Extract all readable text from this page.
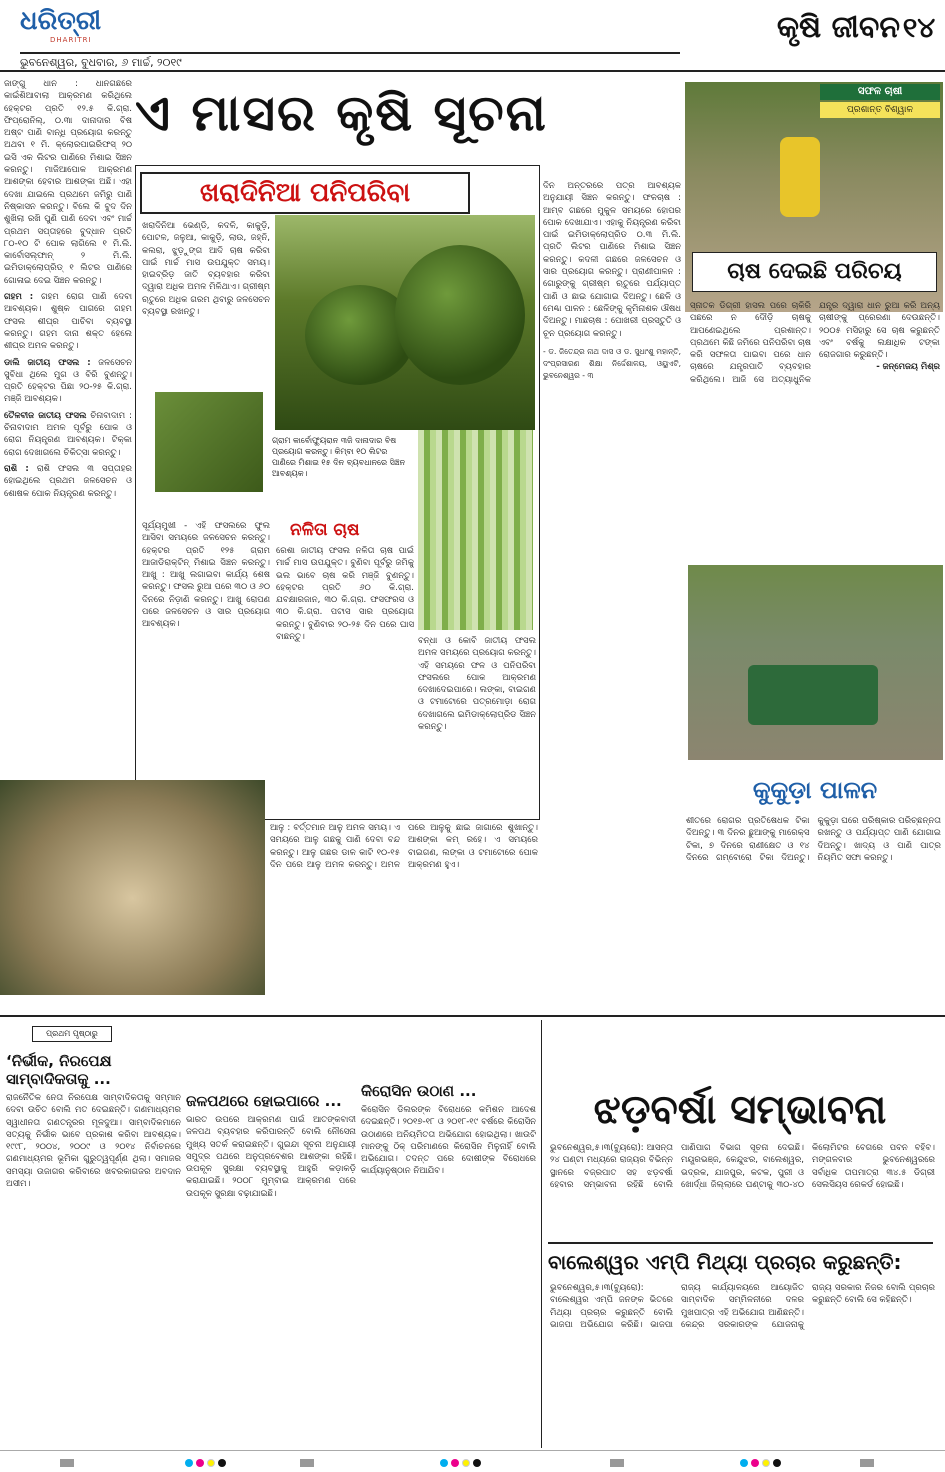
ଧରିତ୍ରୀ
DHARITRI	କୃଷି ଜୀବନ ୧୪
ଭୁବନେଶ୍ୱର, ବୁଧବାର, ୬ ମାର୍ଚ୍ଚ, ୨୦୧୯
ଏ ମାସର କୃଷି ସୂଚନା

ଜାଙ୍ଗୁ ଧାନ : ଧାନଗଛରେ କାଇଁଶିଆବାଲା ଆକ୍ରମଣ କରିଥିଲେ ହେକ୍ଟର ପ୍ରତି ୧୨.୫ କି.ଗ୍ରା. ଫିପ୍ରୋନିଲ୍, ୦.୩ା ଦାନାଦାର ବିଷ ଅଷ୍ଟ ପାଣି ବାନ୍ଧି ପ୍ରୟୋଗ କରନ୍ତୁ ଅଥବା ୧ ମି. କ୍ଲୋରପାଇରିଫସ୍ ୨୦ ଇସି ଏକ ଲିଟର ପାଣିରେ ମିଶାଇ ସିଞ୍ଚନ କରନ୍ତୁ। ମାଜିଆପୋକ ଆକ୍ରମଣ ଆଶଙ୍କା ହେବାର ଆଶଙ୍କା ଅଛି। ଏହା ଦେଖା ଯାଇଲେ ପ୍ରଥମେ ଜମିରୁ ପାଣି ନିଷ୍କାସନ କରନ୍ତୁ। ବିଲେ କି ବୁଦ ଦିନ ଶୁଖିଲା ରଖି ପୁଣି ପାଣି ଦେବା ଏବଂ ମାର୍ଚ୍ଚ ପ୍ରଥମ ସପ୍ତାହରେ ବୁଦ୍ଧାନ ପ୍ରତି ୮୦-୧୦ ଟି ପୋକ ଲାଗିଲେ ୧ ମି.ଲି. କାର୍ବୋସଲ୍ଫାନ୍ ୨ ମି.ଲି. ଇମିଡାକ୍ଲୋପ୍ରିଡ୍ ୧ ଲିଟର ପାଣିରେ ଗୋଳାଇ ଦେଇ ସିଞ୍ଚନ କରନ୍ତୁ।

ଗହମ : ଗହମ ରୋଗ ପାଣି ଦେବା ଆବଶ୍ୟକ। ଶୁଷ୍କ ପାଗରେ ଗହମ ଫସଲ ଶୀଘ୍ର ପାଚିବା ବ୍ୟବସ୍ଥା କରନ୍ତୁ। ଗହମ ଦାନା ଶକ୍ତ ହେଲେ ଶୀଘ୍ର ଅମଳ କରନ୍ତୁ।

ଡାଲି ଜାତୀୟ ଫସଲ : ଜଳସେଚନ ସୁବିଧା ଥିଲେ ମୁଗ ଓ ବିରି ବୁଣନ୍ତୁ। ପ୍ରତି ହେକ୍ଟର ପିଛା ୨୦-୨୫ କି.ଗ୍ରା. ମଞ୍ଜି ଆବଶ୍ୟକ।

ତୈଳବୀଜ ଜାତୀୟ ଫସଲ ଚିନାବାଦାମ : ଚିନାବାଦାମ ଅମଳ ପୂର୍ବରୁ ପୋକ ଓ ରୋଗ ନିୟନ୍ତ୍ରଣ ଆବଶ୍ୟକ। ଟିକ୍କା ରୋଗ ଦେଖାଗଲେ ଚିକିତ୍ସା କରନ୍ତୁ।

ରାଶି : ରାଶି ଫସଲ ୩ ସପ୍ତାହର ହୋଇଥିଲେ ପ୍ରଥମ ଜଳସେଚନ ଓ ଶୋଷକ ପୋକ ନିୟନ୍ତ୍ରଣ କରନ୍ତୁ।

ଖରାଦିନିଆ ପନିପରିବା
ଖରାଦିନିଆ ଭେଣ୍ଡି, କଦଳି, କାକୁଡ଼ି, ପୋଟଳ, ଜଳୁଆ, କାକୁଡ଼ି, ଲାଉ, ଜହ୍ନି, କଲରା, ଝୁଡ଼ୁଙ୍ଗ ଆଦି ଚାଷ କରିବା ପାଇଁ ମାର୍ଚ୍ଚ ମାସ ଉପଯୁକ୍ତ ସମୟ। ହାଇବ୍ରିଡ଼ ଜାତି ବ୍ୟବହାର କରିବା ଦ୍ୱାରା ଅଧିକ ଅମଳ ମିଳିଥାଏ। ଗ୍ରୀଷ୍ମ ଋତୁରେ ଅଧିକ ଗରମ ଥିବାରୁ ଜଳସେଚନ ବ୍ୟବସ୍ଥା ରଖନ୍ତୁ।
ଗ୍ରାମ କାର୍ବୋଫ୍ୟୁରାନ ୩ଜି ଦାନାଦାର ବିଷ ପ୍ରୟୋଗ କରନ୍ତୁ। କିମ୍ବା ୧୦ ଲିଟର ପାଣିରେ ମିଶାଇ ୧୫ ଦିନ ବ୍ୟବଧାନରେ ସିଞ୍ଚନ ଆବଶ୍ୟକ।
ସୂର୍ଯ୍ୟମୁଖୀ - ଏହି ଫସଲରେ ଫୁଲ ଆସିବା ସମୟରେ ଜଳସେଚନ କରନ୍ତୁ। ହେକ୍ଟର ପ୍ରତି ୧୨୫ ଗ୍ରାମ ଆଜାଡିରାକ୍ଟିନ୍ ମିଶାଇ ସିଞ୍ଚନ କରନ୍ତୁ। ଆଖୁ : ଆଖୁ ଲଗାଇବା କାର୍ଯ୍ୟ ଶେଷ କରନ୍ତୁ। ଫସଲ ରୁଆ ପରେ ୩୦ ଓ ୬୦ ଦିନରେ ନିଡ଼ାଣି କରନ୍ତୁ। ଆଖୁ ରୋପଣ ପରେ ଜଳସେଚନ ଓ ସାର ପ୍ରୟୋଗ ଆବଶ୍ୟକ।
ନଳିତା ଚାଷ
ରେଶା ଜାତୀୟ ଫସଲ ନଳିତା ଚାଷ ପାଇଁ ମାର୍ଚ୍ଚ ମାସ ଉପଯୁକ୍ତ। ବୁଣିବା ପୂର୍ବରୁ ଜମିକୁ ଭଲ ଭାବେ ଚାଷ କରି ମଞ୍ଜି ବୁଣନ୍ତୁ। ହେକ୍ଟର ପ୍ରତି ୬୦ କି.ଗ୍ରା. ଯବକ୍ଷାରଜାନ, ୩୦ କି.ଗ୍ରା. ଫସଫରସ ଓ ୩୦ କି.ଗ୍ରା. ପଟାସ ସାର ପ୍ରୟୋଗ କରନ୍ତୁ। ବୁଣିବାର ୨୦-୨୫ ଦିନ ପରେ ଘାସ ବାଛନ୍ତୁ।	ବନ୍ଧା ଓ କୋବି ଜାତୀୟ ଫସଲ ଅମଳ ସମୟରେ ପ୍ରୟୋଗ କରନ୍ତୁ। ଏହି ସମୟରେ ଫଳ ଓ ପନିପରିବା ଫସଲରେ ପୋକ ଆକ୍ରମଣ ଦେଖାଦେଇପାରେ। ଲଙ୍କା, ବାଇଗଣ ଓ ଟମାଟୋରେ ପତ୍ରମୋଡ଼ା ରୋଗ ଦେଖାଗଲେ ଇମିଡାକ୍ଲୋପ୍ରିଡ ସିଞ୍ଚନ କରନ୍ତୁ।

ଦିନ ଅନ୍ତରରେ ପତ୍ର ଆବଶ୍ୟକ ଅନୁଯାୟୀ ସିଞ୍ଚନ କରନ୍ତୁ। ଫଳଚାଷ : ଆମ୍ବ ଗଛରେ ମୁକୁଳ ସମୟରେ ହୋପର ପୋକ ଦେଖାଯାଏ। ଏହାକୁ ନିୟନ୍ତ୍ରଣ କରିବା ପାଇଁ ଇମିଡାକ୍ଲୋପ୍ରିଡ ୦.୩ ମି.ଲି. ପ୍ରତି ଲିଟର ପାଣିରେ ମିଶାଇ ସିଞ୍ଚନ କରନ୍ତୁ। କଦଳୀ ଗଛରେ ଜଳସେଚନ ଓ ସାର ପ୍ରୟୋଗ କରନ୍ତୁ। ପ୍ରାଣୀପାଳନ : ଗୋରୁଙ୍କୁ ଗ୍ରୀଷ୍ମ ଋତୁରେ ପର୍ଯ୍ୟାପ୍ତ ପାଣି ଓ ଛାଇ ଯୋଗାଇ ଦିଅନ୍ତୁ। ଛେଳି ଓ ମେଣ୍ଢା ପାଳନ : ଛେଳିଙ୍କୁ କୃମିନାଶକ ଔଷଧ ଦିଅନ୍ତୁ। ମାଛଚାଷ : ପୋଖରୀ ପ୍ରସ୍ତୁତି ଓ ଚୂନ ପ୍ରୟୋଗ କରନ୍ତୁ।

- ଡ. ଜିତେନ୍ଦ୍ର ନାଥ ଦାସ ଓ ଡ. ସୁଧାଂଶୁ ମହାନ୍ତି, ଦଂପ୍ରସାରଣ ଶିକ୍ଷା ନିର୍ଦ୍ଦେଶାଳୟ, ଓୟୁଏଟି, ଭୁବନେଶ୍ୱର - ୩

ଆଳୁ : ବର୍ତ୍ତମାନ ଆଳୁ ଅମଳ ସମୟ। ଏ ସମୟରେ ଆଳୁ ଗଛକୁ ପାଣି ଦେବା ବନ୍ଦ କରନ୍ତୁ। ଆଳୁ ଗଛର ଡାଳ କାଟି ୧୦-୧୫ ଦିନ ପରେ ଆଳୁ ଅମଳ କରନ୍ତୁ। ଅମଳ ପରେ ଆଳୁକୁ ଛାଇ ଜାଗାରେ ଶୁଖାନ୍ତୁ। ଆଶଙ୍କା କମ୍ ରହେ। ଏ ସମୟରେ ବାଇଗଣ, ଲଙ୍କା ଓ ଟମାଟୋରେ ପୋକ ଆକ୍ରମଣ ହୁଏ।
ସଫଳ ଚାଷୀ
ପ୍ରଶାନ୍ତ ବିଶ୍ୱାଳ
ଚାଷ ଦେଇଛି ପରିଚୟ

ସ୍ନାତକ ଡିଗ୍ରୀ ହାସଲ ପରେ ଚାକିରି ପଛରେ ନ ଦୌଡ଼ି ଚାଷକୁ ଆପଣେଇଥିଲେ ପ୍ରଶାନ୍ତ। ପ୍ରଥମେ କିଛି ଜମିରେ ପନିପରିବା ଚାଷ କରି ସଫଳତା ପାଇବା ପରେ ଧାନ ଚାଷରେ ଯନ୍ତ୍ରପାତି ବ୍ୟବହାର କରିଥିଲେ। ଆଜି ସେ ଅତ୍ୟାଧୁନିକ ଯନ୍ତ୍ର ଦ୍ୱାରା ଧାନ ରୁଆ କରି ଅନ୍ୟ ଚାଷୀଙ୍କୁ ପ୍ରେରଣା ଦେଉଛନ୍ତି। ୨୦୦୫ ମସିହାରୁ ସେ ଚାଷ କରୁଛନ୍ତି ଏବଂ ବର୍ଷକୁ ଲକ୍ଷାଧିକ ଟଙ୍କା ରୋଜଗାର କରୁଛନ୍ତି।

- ଜନ୍ମେଜୟ ମିଶ୍ର

କୁକୁଡ଼ା ପାଳନ
ଶୀତରେ ରୋଗର ପ୍ରତିଷେଧକ ଟିକା ଦିଅନ୍ତୁ। ୩ ଦିନର ଛୁଆଙ୍କୁ ମାରେକ୍ସ ଟିକା, ୭ ଦିନରେ ରାଣୀକ୍ଷେତ ଓ ୧୪ ଦିନରେ ଗମ୍ବୋରୋ ଟିକା ଦିଅନ୍ତୁ। କୁକୁଡ଼ା ଘରେ ପରିଷ୍କାର ପରିଚ୍ଛନ୍ନତା ରଖନ୍ତୁ ଓ ପର୍ଯ୍ୟାପ୍ତ ପାଣି ଯୋଗାଇ ଦିଅନ୍ତୁ। ଖାଦ୍ୟ ଓ ପାଣି ପାତ୍ର ନିୟମିତ ସଫା କରନ୍ତୁ।
ପ୍ରଥମ ପୃଷ୍ଠାରୁ
‘ନିର୍ଭୀକ, ନିରପେକ୍ଷ ସାମ୍ବାଦିକତାକୁ ...
ରାଜନୈତିକ ନେତା ନିରପେକ୍ଷ ସାମ୍ବାଦିକତାକୁ ସମ୍ମାନ ଦେବା ଉଚିତ ବୋଲି ମତ ଦେଇଛନ୍ତି। ଗଣମାଧ୍ୟମର ସ୍ୱାଧୀନତା ଗଣତନ୍ତ୍ରର ମୂଳଦୁଆ। ସାମ୍ବାଦିକମାନେ ସତ୍ୟକୁ ନିର୍ଭୀକ ଭାବେ ପ୍ରକାଶ କରିବା ଆବଶ୍ୟକ। ୧୯୯୮, ୨୦୦୪, ୨୦୦୯ ଓ ୨୦୧୪ ନିର୍ବାଚନରେ ଗଣମାଧ୍ୟମର ଭୂମିକା ଗୁରୁତ୍ୱପୂର୍ଣ୍ଣ ଥିଲା। ସମାଜର ସମସ୍ୟା ଉଜାଗର କରିବାରେ ଖବରକାଗଜର ଅବଦାନ ଅସୀମ।
ଜଳପଥରେ ହୋଇପାରେ ...
ଭାରତ ଉପରେ ଆକ୍ରମଣ ପାଇଁ ଆତଙ୍କବାଦୀ ଜଳପଥ ବ୍ୟବହାର କରିପାରନ୍ତି ବୋଲି ନୌସେନା ମୁଖ୍ୟ ସତର୍କ କରାଇଛନ୍ତି। ଗୁଇନ୍ଦା ସୂଚନା ଅନୁଯାୟୀ ସମୁଦ୍ର ପଥରେ ଅନୁପ୍ରବେଶର ଆଶଙ୍କା ରହିଛି। ଉପକୂଳ ସୁରକ୍ଷା ବ୍ୟବସ୍ଥାକୁ ଆହୁରି କଡ଼ାକଡ଼ି କରାଯାଇଛି। ୨୦୦୮ ମୁମ୍ବାଇ ଆକ୍ରମଣ ପରେ ଉପକୂଳ ସୁରକ୍ଷା ବଢ଼ାଯାଇଛି।
କିରୋସିନ ଉଠାଣ ...
କିରୋସିନ ଡିଲରଙ୍କ ବିରୋଧରେ କମିଶନ ଆଦେଶ ଦେଇଛନ୍ତି। ୨୦୧୭-୧୮ ଓ ୨୦୧୮-୧୯ ବର୍ଷରେ କିରୋସିନ ଉଠାଣରେ ଅନିୟମିତତା ଅଭିଯୋଗ ହୋଇଥିଲା। ଖାଉଟି ମାନଙ୍କୁ ଠିକ୍ ପରିମାଣରେ କିରୋସିନ ମିଳୁନାହିଁ ବୋଲି ଅଭିଯୋଗ। ତଦନ୍ତ ପରେ ଦୋଷୀଙ୍କ ବିରୋଧରେ କାର୍ଯ୍ୟାନୁଷ୍ଠାନ ନିଆଯିବ।
ଝଡ଼ବର୍ଷା ସମ୍ଭାବନା
ଭୁବନେଶ୍ୱର,୫।୩(ବ୍ୟୁରୋ): ଆସନ୍ତା ୨୪ ଘଣ୍ଟା ମଧ୍ୟରେ ରାଜ୍ୟର ବିଭିନ୍ନ ସ୍ଥାନରେ ବଜ୍ରପାତ ସହ ଝଡ଼ବର୍ଷା ହେବାର ସମ୍ଭାବନା ରହିଛି ବୋଲି ପାଣିପାଗ ବିଭାଗ ସୂଚନା ଦେଇଛି। ମୟୂରଭଞ୍ଜ, କେନ୍ଦୁଝର, ବାଲେଶ୍ୱର, ଭଦ୍ରକ, ଯାଜପୁର, କଟକ, ପୁରୀ ଓ ଖୋର୍ଦ୍ଧା ଜିଲ୍ଲାରେ ଘଣ୍ଟାକୁ ୩୦-୪୦ କିଲୋମିଟର ବେଗରେ ପବନ ବହିବ। ମଙ୍ଗଳବାର ଭୁବନେଶ୍ୱରରେ ସର୍ବାଧିକ ତାପମାତ୍ରା ୩୪.୫ ଡିଗ୍ରୀ ସେଲସିୟସ ରେକର୍ଡ ହୋଇଛି।
ବାଲେଶ୍ୱର ଏମ୍‌ପି ମିଥ୍ୟା ପ୍ରଚାର କରୁଛନ୍ତି:
ଭୁବନେଶ୍ୱର,୫।୩(ବ୍ୟୁରୋ): ବାଲେଶ୍ୱର ଏମ୍‌ପି ଜନଙ୍କ ଭିତରେ ମିଥ୍ୟା ପ୍ରଚାର କରୁଛନ୍ତି ବୋଲି ଭାଜପା ଅଭିଯୋଗ କରିଛି। ଭାଜପା ରାଜ୍ୟ କାର୍ଯ୍ୟାଳୟରେ ଆୟୋଜିତ ସାମ୍ବାଦିକ ସମ୍ମିଳନୀରେ ଦଳର ମୁଖପାତ୍ର ଏହି ଅଭିଯୋଗ ଆଣିଛନ୍ତି। କେନ୍ଦ୍ର ସରକାରଙ୍କ ଯୋଜନାକୁ ରାଜ୍ୟ ସରକାର ନିଜର ବୋଲି ପ୍ରଚାର କରୁଛନ୍ତି ବୋଲି ସେ କହିଛନ୍ତି।
